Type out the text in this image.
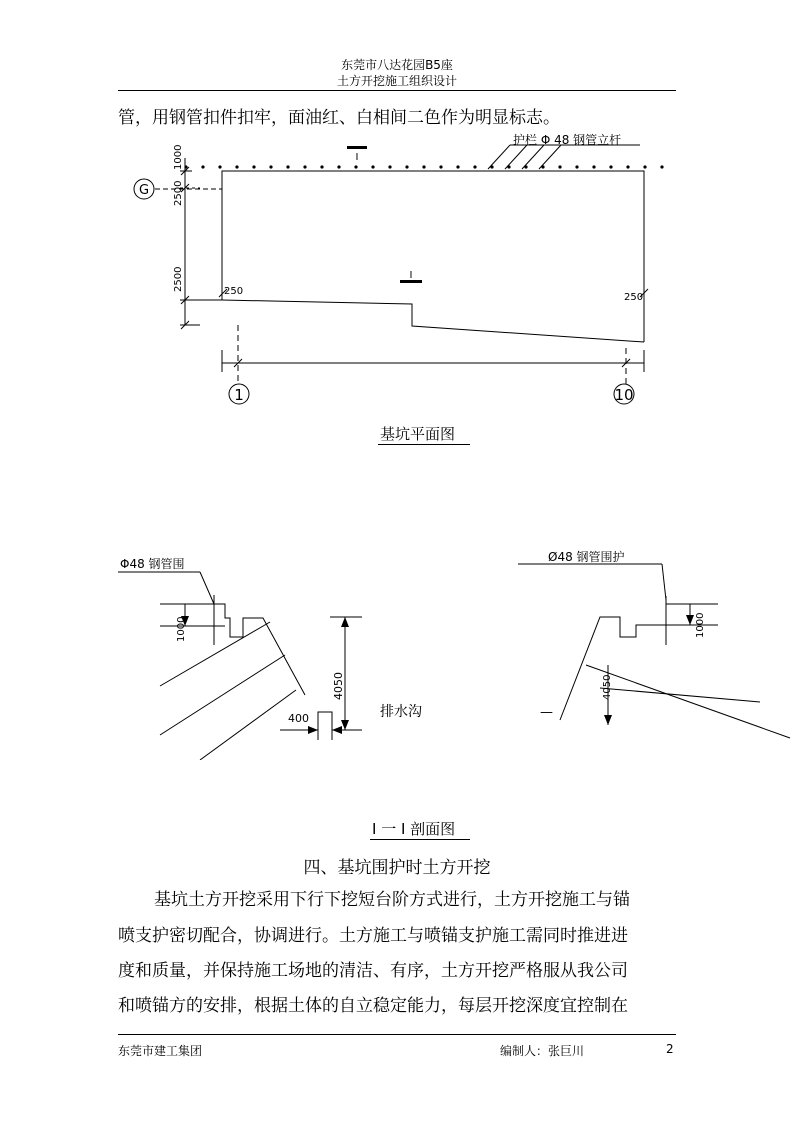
东莞市八达花园B5座
土方开挖施工组织设计
管，用钢管扣件扣牢，面油红、白相间二色作为明显标志。
I
I
护栏 Φ 48 钢管立杆
G
1	10
1000
2500
2500	250
250
基坑平面图
Φ48 钢管围	Ø48 钢管围护
1000	1000
4050	4050
400	排水沟	—
I 一 I 剖面图
四、基坑围护时土方开挖
基坑土方开挖采用下行下挖短台阶方式进行，土方开挖施工与锚
喷支护密切配合，协调进行。土方施工与喷锚支护施工需同时推进进
度和质量，并保持施工场地的清洁、有序，土方开挖严格服从我公司
和喷锚方的安排，根据土体的自立稳定能力，每层开挖深度宜控制在
东莞市建工集团	编制人：张巨川	2
